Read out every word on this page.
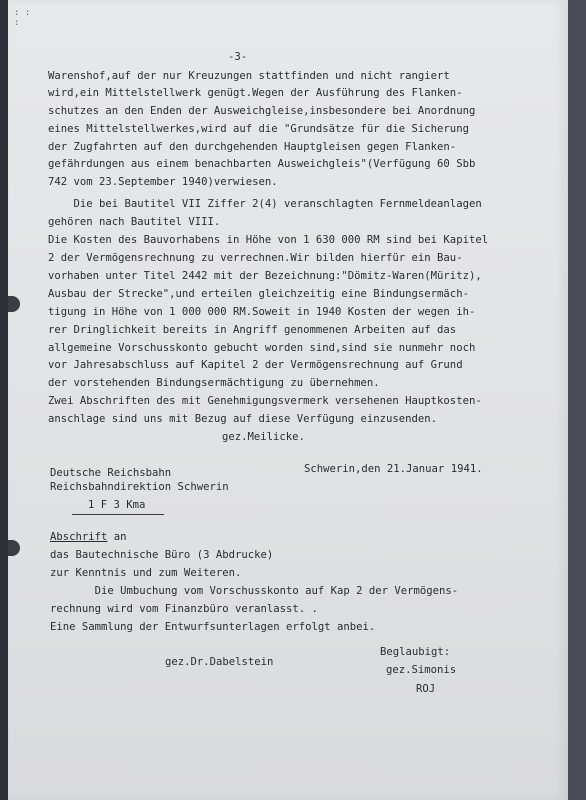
: :
:
-3-
Warenshof,auf der nur Kreuzungen stattfinden und nicht rangiert
wird,ein Mittelstellwerk genügt.Wegen der Ausführung des Flanken-
schutzes an den Enden der Ausweichgleise,insbesondere bei Anordnung
eines Mittelstellwerkes,wird auf die "Grundsätze für die Sicherung
der Zugfahrten auf den durchgehenden Hauptgleisen gegen Flanken-
gefährdungen aus einem benachbarten Ausweichgleis"(Verfügung 60 Sbb
742 vom 23.September 1940)verwiesen.
Die bei Bautitel VII Ziffer 2(4) veranschlagten Fernmeldeanlagen
gehören nach Bautitel VIII.
Die Kosten des Bauvorhabens in Höhe von 1 630 000 RM sind bei Kapitel
2 der Vermögensrechnung zu verrechnen.Wir bilden hierfür ein Bau-
vorhaben unter Titel 2442 mit der Bezeichnung:"Dömitz-Waren(Müritz),
Ausbau der Strecke",und erteilen gleichzeitig eine Bindungsermäch-
tigung in Höhe von 1 000 000 RM.Soweit in 1940 Kosten der wegen ih-
rer Dringlichkeit bereits in Angriff genommenen Arbeiten auf das
allgemeine Vorschusskonto gebucht worden sind,sind sie nunmehr noch
vor Jahresabschluss auf Kapitel 2 der Vermögensrechnung auf Grund
der vorstehenden Bindungsermächtigung zu übernehmen.
Zwei Abschriften des mit Genehmigungsvermerk versehenen Hauptkosten-
anschlage sind uns mit Bezug auf diese Verfügung einzusenden.
gez.Meilicke.
Deutsche Reichsbahn
Reichsbahndirektion Schwerin
Schwerin,den 21.Januar 1941.
1 F 3 Kma
Abschrift an
das Bautechnische Büro (3 Abdrucke)
zur Kenntnis und zum Weiteren.
Die Umbuchung vom Vorschusskonto auf Kap 2 der Vermögens-
rechnung wird vom Finanzbüro veranlasst. .
Eine Sammlung der Entwurfsunterlagen erfolgt anbei.
Beglaubigt:
gez.Dr.Dabelstein
gez.Simonis
ROJ
